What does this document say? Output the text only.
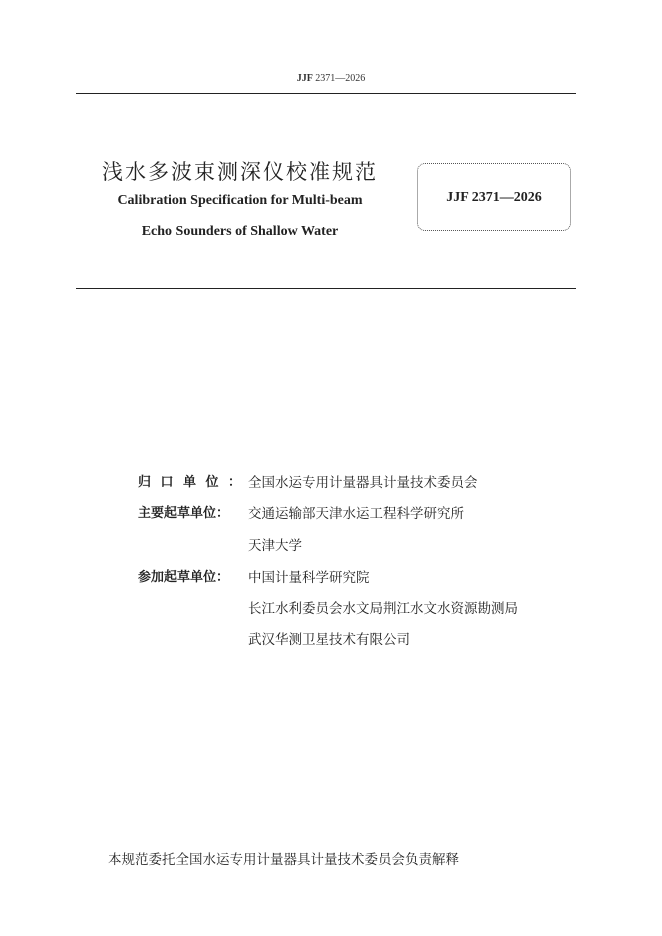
JJF 2371—2026
浅水多波束测深仪校准规范
Calibration Specification for Multi-beam
Echo Sounders of Shallow Water
JJF 2371—2026
归口单位：
全国水运专用计量器具计量技术委员会
主要起草单位：	交通运输部天津水运工程科学研究所
天津大学
参加起草单位：	中国计量科学研究院
长江水利委员会水文局荆江水文水资源勘测局
武汉华测卫星技术有限公司
本规范委托全国水运专用计量器具计量技术委员会负责解释
